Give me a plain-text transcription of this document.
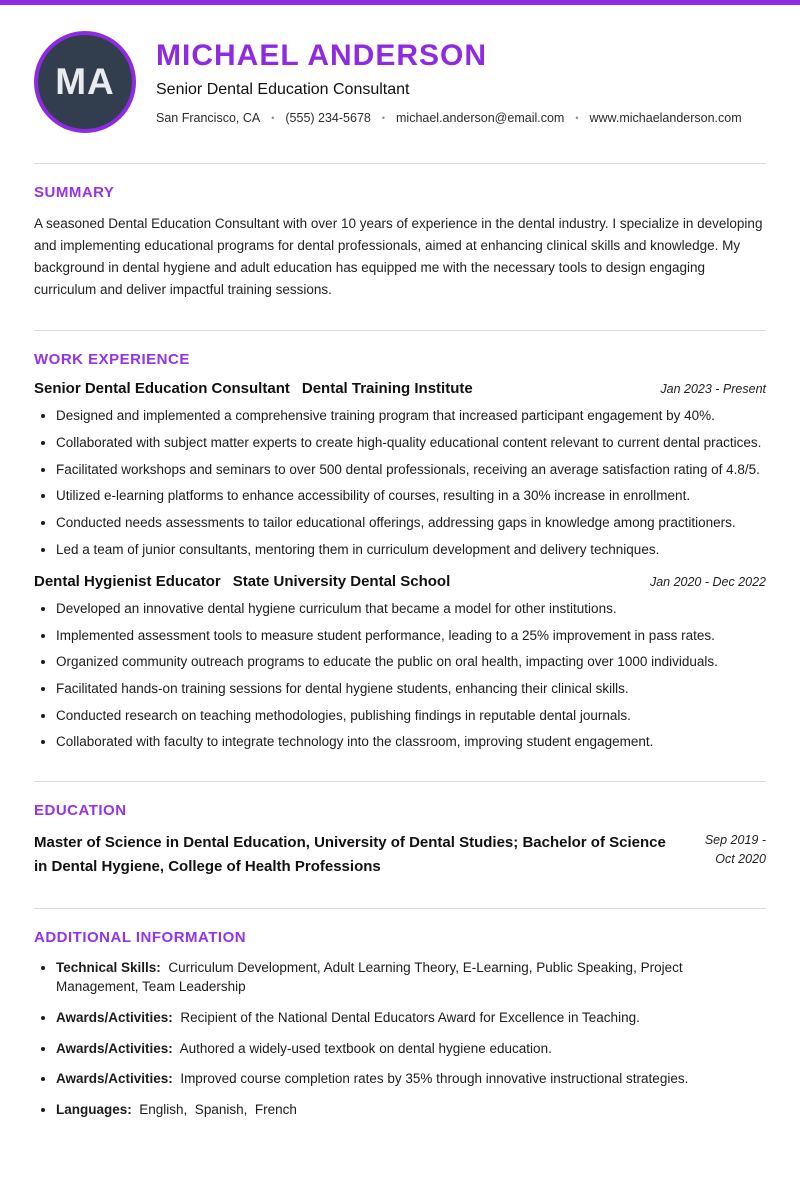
MA
MICHAEL ANDERSON
Senior Dental Education Consultant
San Francisco, CA • (555) 234-5678 • michael.anderson@email.com • www.michaelanderson.com
SUMMARY

A seasoned Dental Education Consultant with over 10 years of experience in the dental industry. I specialize in developing and implementing educational programs for dental professionals, aimed at enhancing clinical skills and knowledge. My background in dental hygiene and adult education has equipped me with the necessary tools to design engaging curriculum and deliver impactful training sessions.

WORK EXPERIENCE
Senior Dental Education Consultant Dental Training Institute	Jan 2023 - Present
• Designed and implemented a comprehensive training program that increased participant engagement by 40%.
• Collaborated with subject matter experts to create high-quality educational content relevant to current dental practices.
• Facilitated workshops and seminars to over 500 dental professionals, receiving an average satisfaction rating of 4.8/5.
• Utilized e-learning platforms to enhance accessibility of courses, resulting in a 30% increase in enrollment.
• Conducted needs assessments to tailor educational offerings, addressing gaps in knowledge among practitioners.
• Led a team of junior consultants, mentoring them in curriculum development and delivery techniques.
Dental Hygienist Educator State University Dental School	Jan 2020 - Dec 2022
• Developed an innovative dental hygiene curriculum that became a model for other institutions.
• Implemented assessment tools to measure student performance, leading to a 25% improvement in pass rates.
• Organized community outreach programs to educate the public on oral health, impacting over 1000 individuals.
• Facilitated hands-on training sessions for dental hygiene students, enhancing their clinical skills.
• Conducted research on teaching methodologies, publishing findings in reputable dental journals.
• Collaborated with faculty to integrate technology into the classroom, improving student engagement.
EDUCATION
Master of Science in Dental Education, University of Dental Studies; Bachelor of Science in Dental Hygiene, College of Health Professions
Sep 2019 - Oct 2020
ADDITIONAL INFORMATION
• Technical Skills:  Curriculum Development, Adult Learning Theory, E-Learning, Public Speaking, Project Management, Team Leadership
• Awards/Activities:  Recipient of the National Dental Educators Award for Excellence in Teaching.
• Awards/Activities:  Authored a widely-used textbook on dental hygiene education.
• Awards/Activities:  Improved course completion rates by 35% through innovative instructional strategies.
• Languages:  English,  Spanish,  French
